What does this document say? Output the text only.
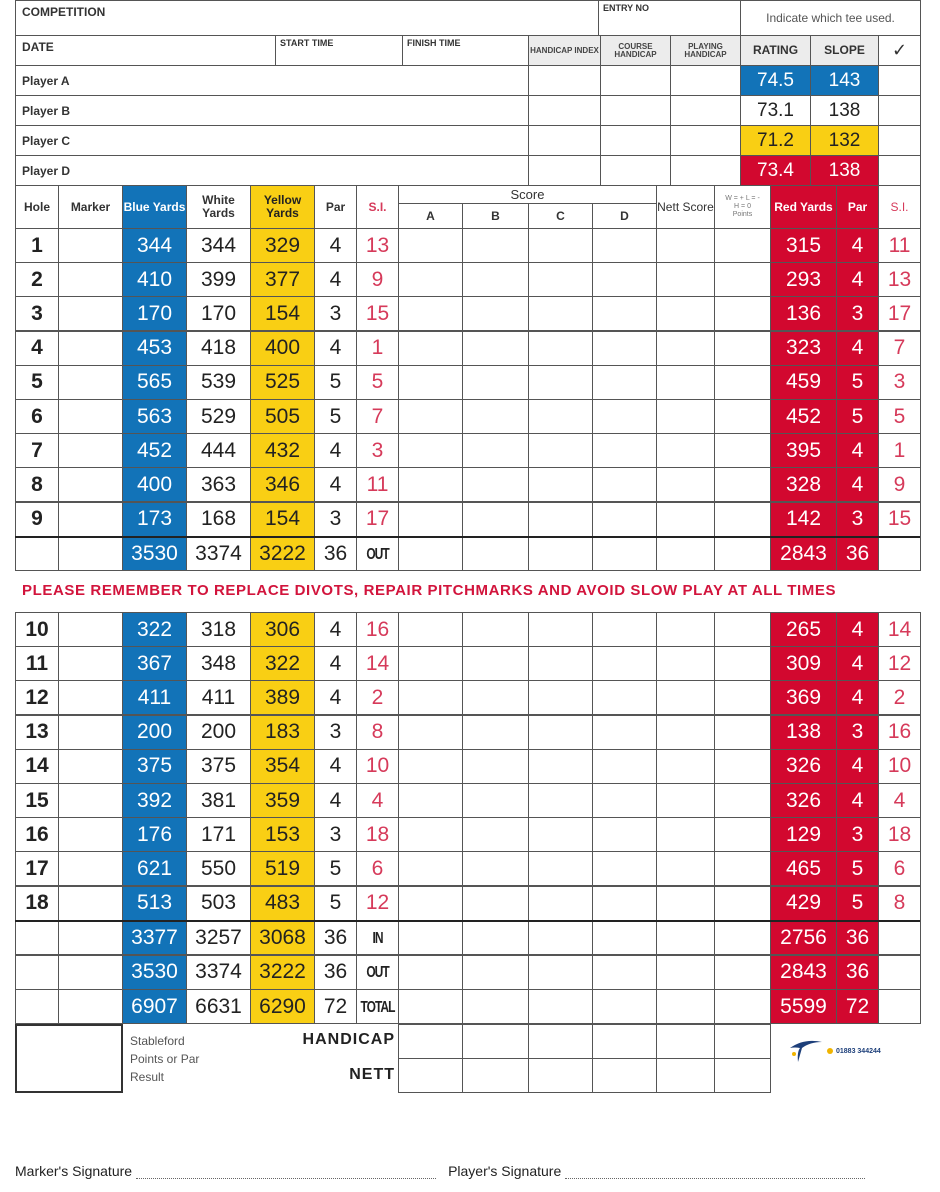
COMPETITION	ENTRY NO
Indicate which tee used.
DATE	START TIME	FINISH TIME
HANDICAP INDEX	COURSE HANDICAP
PLAYING HANDICAP	RATING	SLOPE	✓
Player A	74.5	143
Player B	73.1	138
Player C	71.2	132
Player D	73.4	138
Hole	Marker	Blue Yards	White Yards
Yellow Yards	Par	S.I.
Score
A	B	C	D
Nett Score
W = + L = - H = 0
Points
Red Yards	Par	S.I.
1	344	344	329	4	13	315	4	11
2	410	399	377	4	9	293	4	13
3	170	170	154	3	15	136	3	17
4	453	418	400	4	1	323	4	7
5	565	539	525	5	5	459	5	3
6	563	529	505	5	7	452	5	5
7	452	444	432	4	3	395	4	1
8	400	363	346	4	11	328	4	9
9	173	168	154	3	17	142	3	15
3530 3374 3222 36	OUT	2843 36
PLEASE REMEMBER TO REPLACE DIVOTS, REPAIR PITCHMARKS AND AVOID SLOW PLAY AT ALL TIMES
10	322	318	306	4	16	265	4	14
11	367	348	322	4	14	309	4	12
12	411	411	389	4	2	369	4	2
13	200	200	183	3	8	138	3	16
14	375	375	354	4	10	326	4	10
15	392	381	359	4	4	326	4	4
16	176	171	153	3	18	129	3	18
17	621	550	519	5	6	465	5	6
18	513	503	483	5	12	429	5	8
3377 3257 3068 36	IN	2756 36
3530 3374 3222 36	OUT	2843 36
6907 6631 6290 72	TOTAL	5599 72
Stableford Points or Par Result
HANDICAP
NETT
01883 344244
Marker's Signature	Player's Signature
